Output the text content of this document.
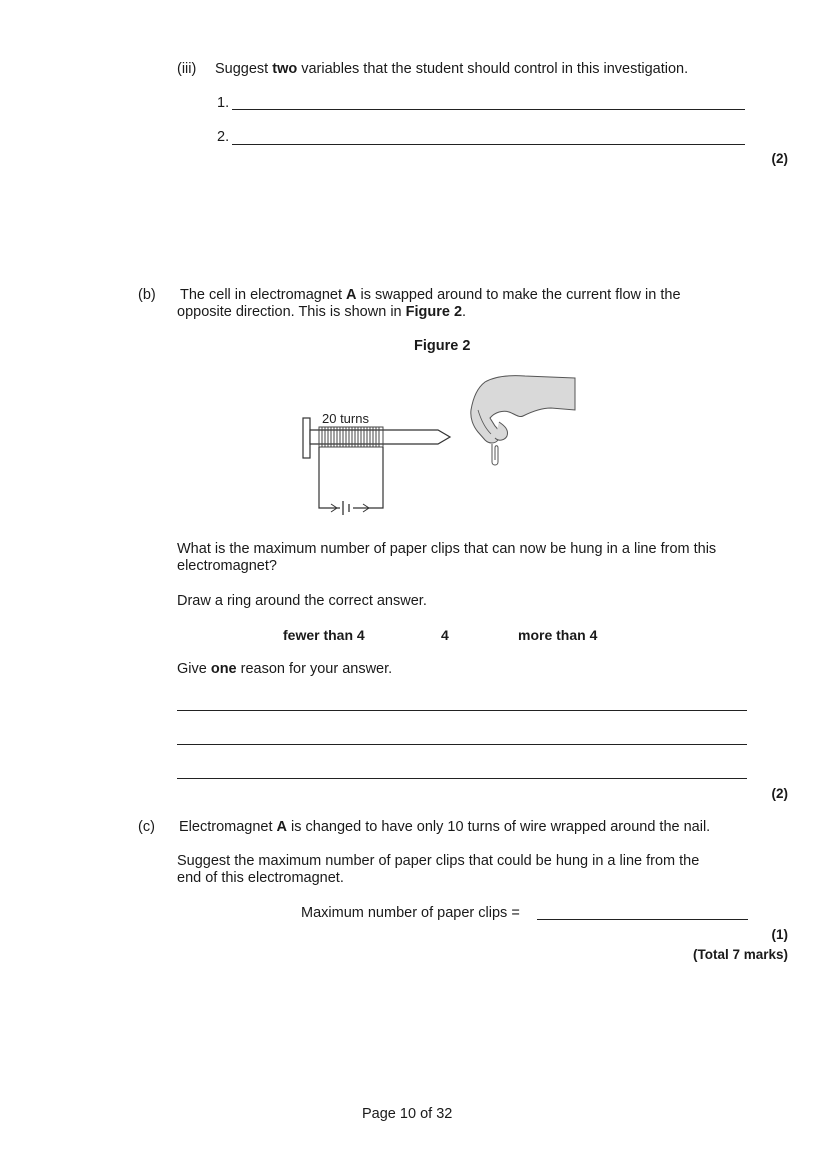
(iii) Suggest two variables that the student should control in this investigation.
1.
2.
(2)
(b) The cell in electromagnet A is swapped around to make the current flow in the
opposite direction. This is shown in Figure 2.
Figure 2
20 turns
What is the maximum number of paper clips that can now be hung in a line from this
electromagnet?
Draw a ring around the correct answer.
fewer than 4	4	more than 4
Give one reason for your answer.
(2)
(c) Electromagnet A is changed to have only 10 turns of wire wrapped around the nail.
Suggest the maximum number of paper clips that could be hung in a line from the
end of this electromagnet.
Maximum number of paper clips =
(1)
(Total 7 marks)
Page 10 of 32
